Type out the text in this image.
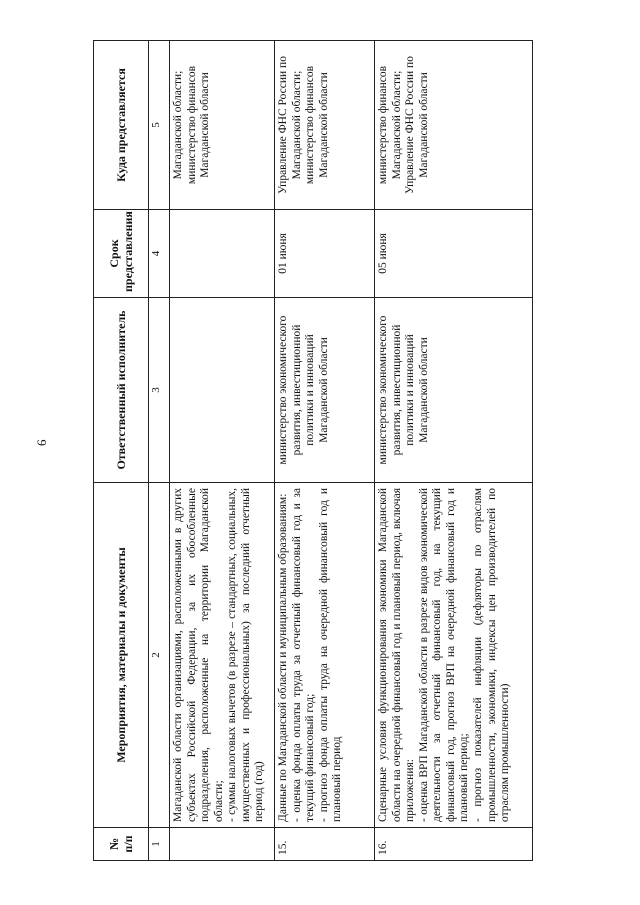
6
№ п/п	Мероприятия, материалы и документы	Ответственный исполнитель	Срок представления	Куда представляется
1	2	3	4	5

	Магаданской области организациями, расположенными в других субъектах Российской Федерации, за их обособленные подразделения, расположенные на территории Магаданской области; - суммы налоговых вычетов (в разрезе – стандартных, социальных, имущественных и профессиональных) за последний отчетный период (год)			Магаданской области; министерство финансов Магаданской области
15.	Данные по Магаданской области и муниципальным образованиям: - оценка фонда оплаты труда за отчетный финансовый год и за текущий финансовый год; - прогноз фонда оплаты труда на очередной финансовый год и плановый период	министерство экономического развития, инвестиционной политики и инноваций Магаданской области	01 июня	Управление ФНС России по Магаданской области; министерство финансов Магаданской области
16.	Сценарные условия функционирования экономики Магаданской области на очередной финансовый год и плановый период, включая приложения: - оценка ВРП Магаданской области в разрезе видов экономической деятельности за отчетный финансовый год, на текущий финансовый год, прогноз ВРП на очередной финансовый год и плановый период; - прогноз показателей инфляции (дефляторы по отраслям промышленности, экономики, индексы цен производителей по отраслям промышленности)	министерство экономического развития, инвестиционной политики и инноваций Магаданской области	05 июня	министерство финансов Магаданской области; Управление ФНС России по Магаданской области
